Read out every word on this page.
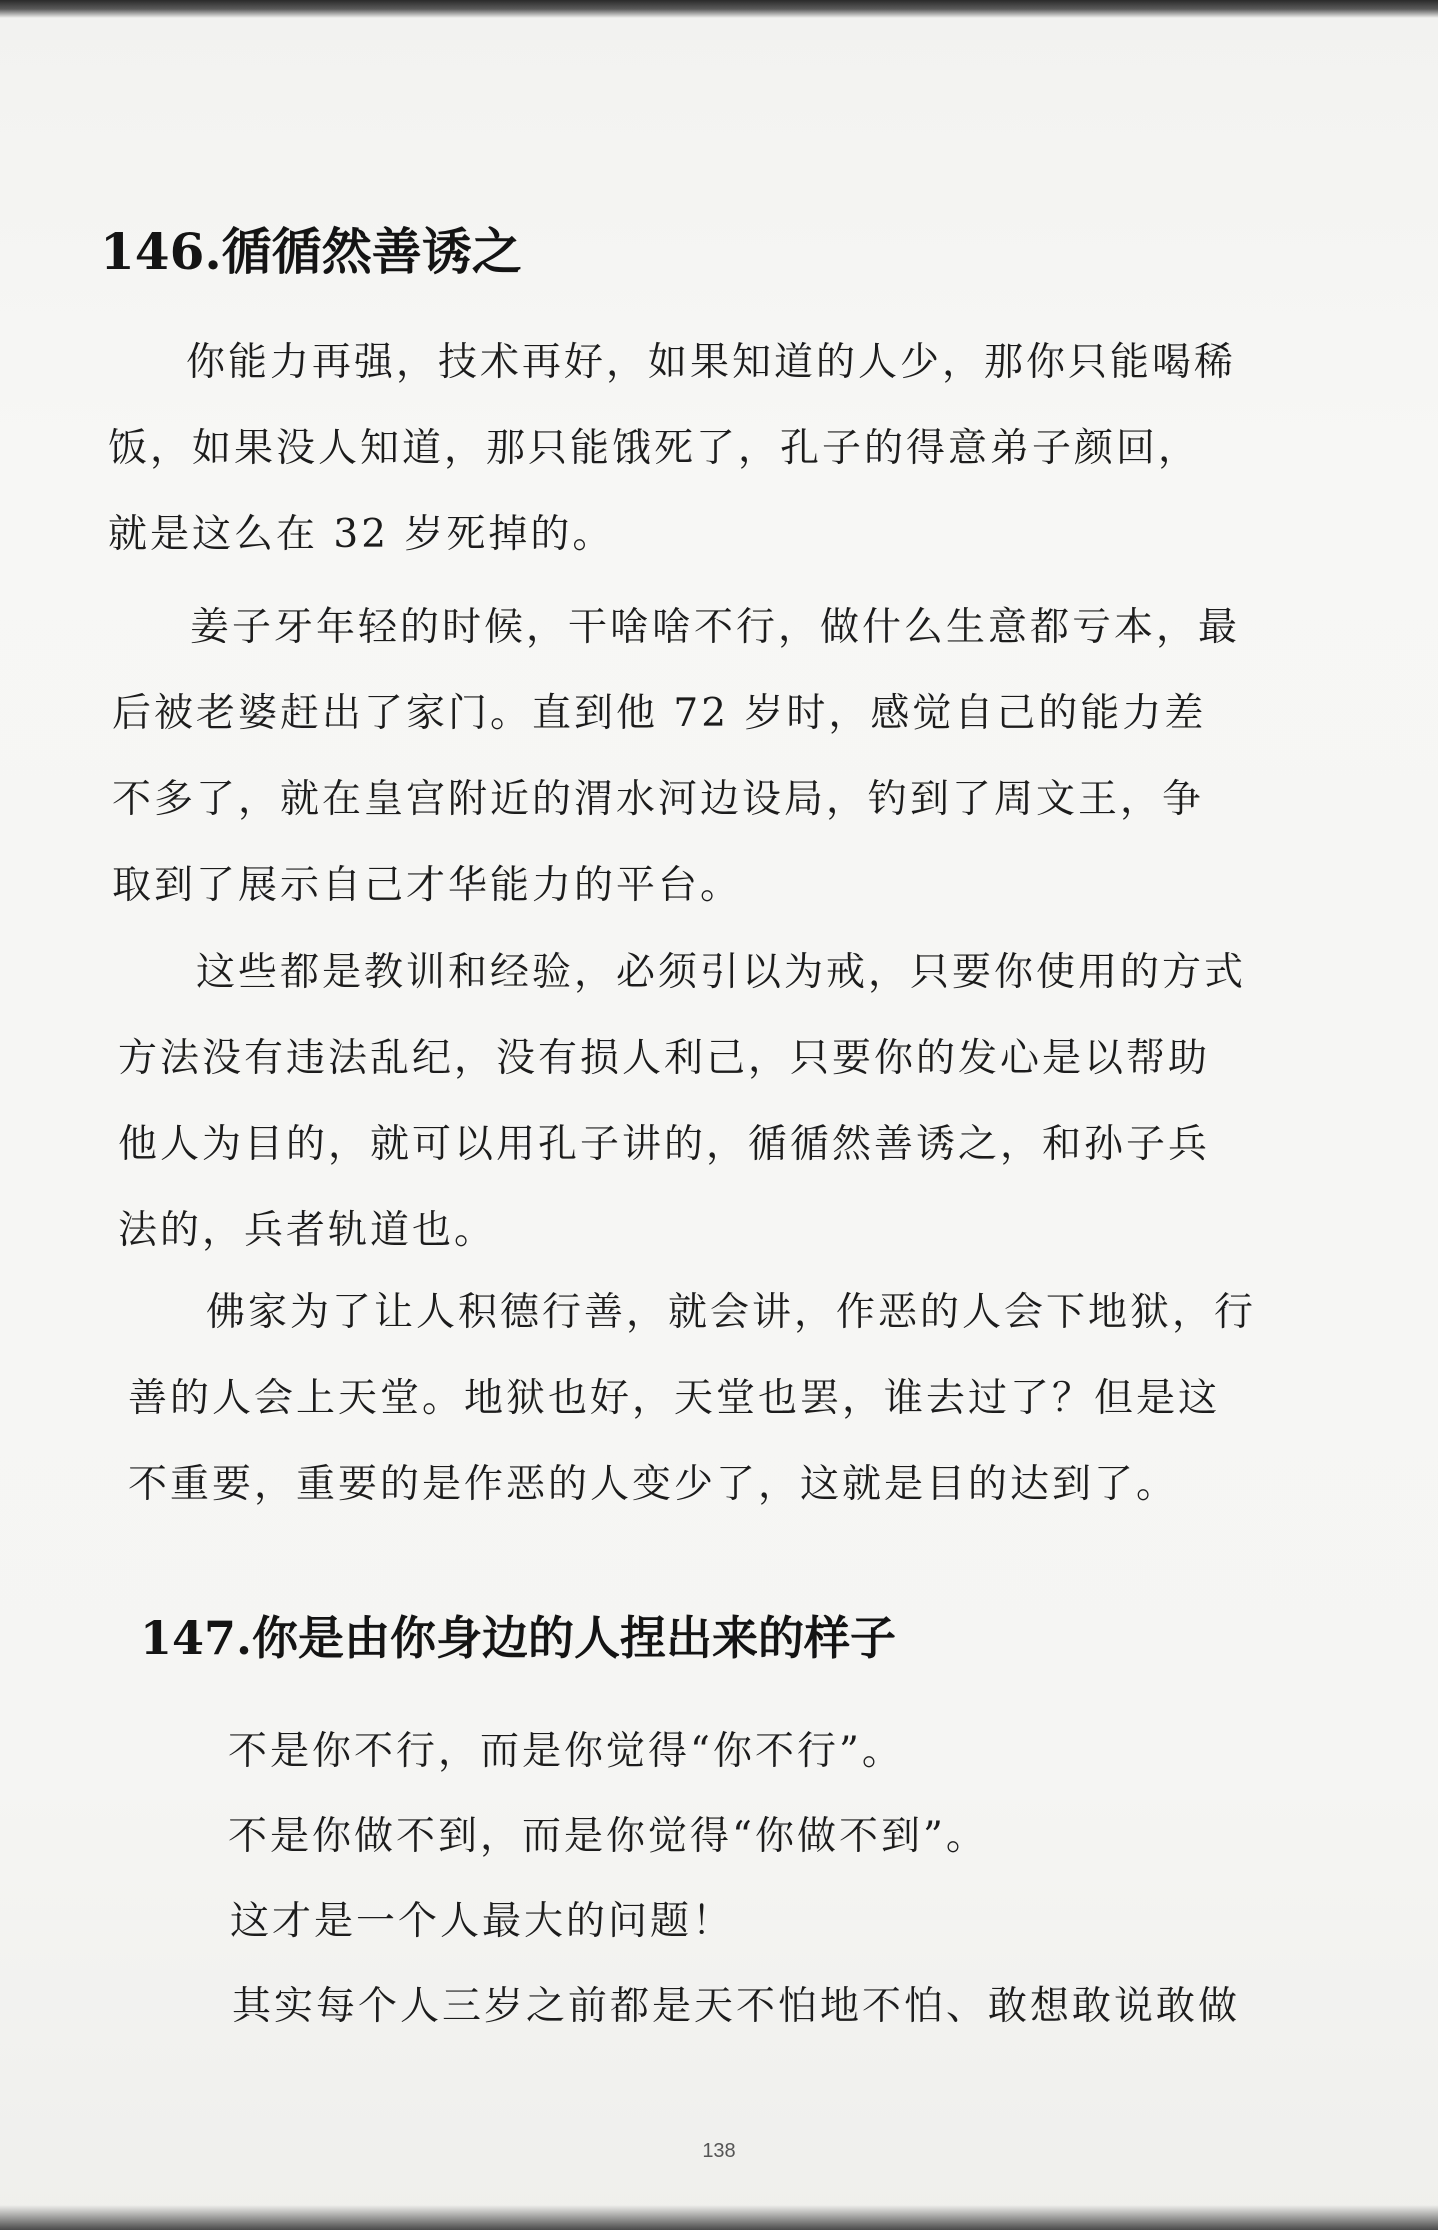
146.循循然善诱之

你能力再强，技术再好，如果知道的人少，那你只能喝稀饭，如果没人知道，那只能饿死了，孔子的得意弟子颜回，就是这么在 32 岁死掉的。

姜子牙年轻的时候，干啥啥不行，做什么生意都亏本，最后被老婆赶出了家门。直到他 72 岁时，感觉自己的能力差不多了，就在皇宫附近的渭水河边设局，钓到了周文王，争取到了展示自己才华能力的平台。

这些都是教训和经验，必须引以为戒，只要你使用的方式方法没有违法乱纪，没有损人利己，只要你的发心是以帮助他人为目的，就可以用孔子讲的，循循然善诱之，和孙子兵法的，兵者轨道也。

佛家为了让人积德行善，就会讲，作恶的人会下地狱，行善的人会上天堂。地狱也好，天堂也罢，谁去过了？但是这不重要，重要的是作恶的人变少了，这就是目的达到了。

147.你是由你身边的人捏出来的样子

不是你不行，而是你觉得“你不行”。

不是你做不到，而是你觉得“你做不到”。

这才是一个人最大的问题！

其实每个人三岁之前都是天不怕地不怕、敢想敢说敢做

138
